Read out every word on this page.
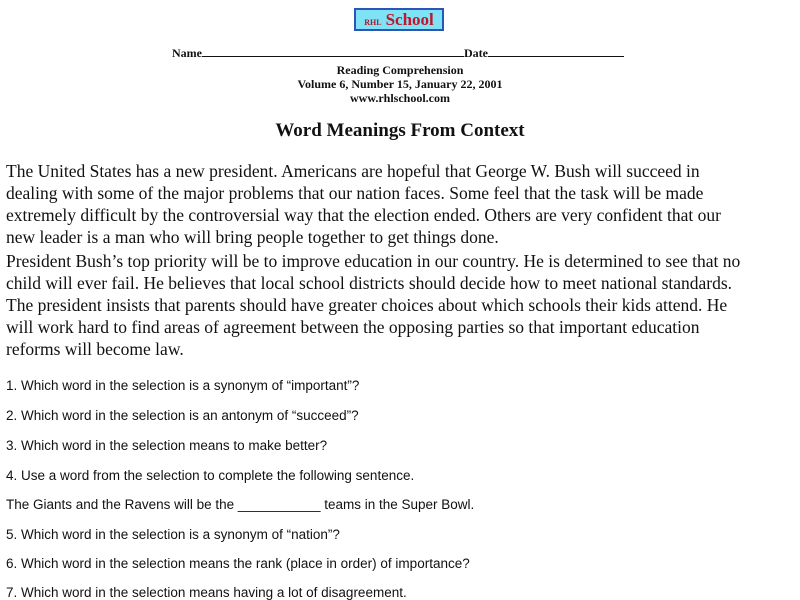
RHL School
Name	Date
Reading Comprehension
Volume 6, Number 15, January 22, 2001
www.rhlschool.com
Word Meanings From Context
The United States has a new president. Americans are hopeful that George W. Bush will succeed in
dealing with some of the major problems that our nation faces. Some feel that the task will be made
extremely difficult by the controversial way that the election ended. Others are very confident that our
new leader is a man who will bring people together to get things done.
President Bush’s top priority will be to improve education in our country. He is determined to see that no
child will ever fail. He believes that local school districts should decide how to meet national standards.
The president insists that parents should have greater choices about which schools their kids attend. He
will work hard to find areas of agreement between the opposing parties so that important education
reforms will become law.
1. Which word in the selection is a synonym of “important”?
2. Which word in the selection is an antonym of “succeed”?
3. Which word in the selection means to make better?
4. Use a word from the selection to complete the following sentence.
The Giants and the Ravens will be the ___________ teams in the Super Bowl.
5. Which word in the selection is a synonym of “nation”?
6. Which word in the selection means the rank (place in order) of importance?
7. Which word in the selection means having a lot of disagreement.
